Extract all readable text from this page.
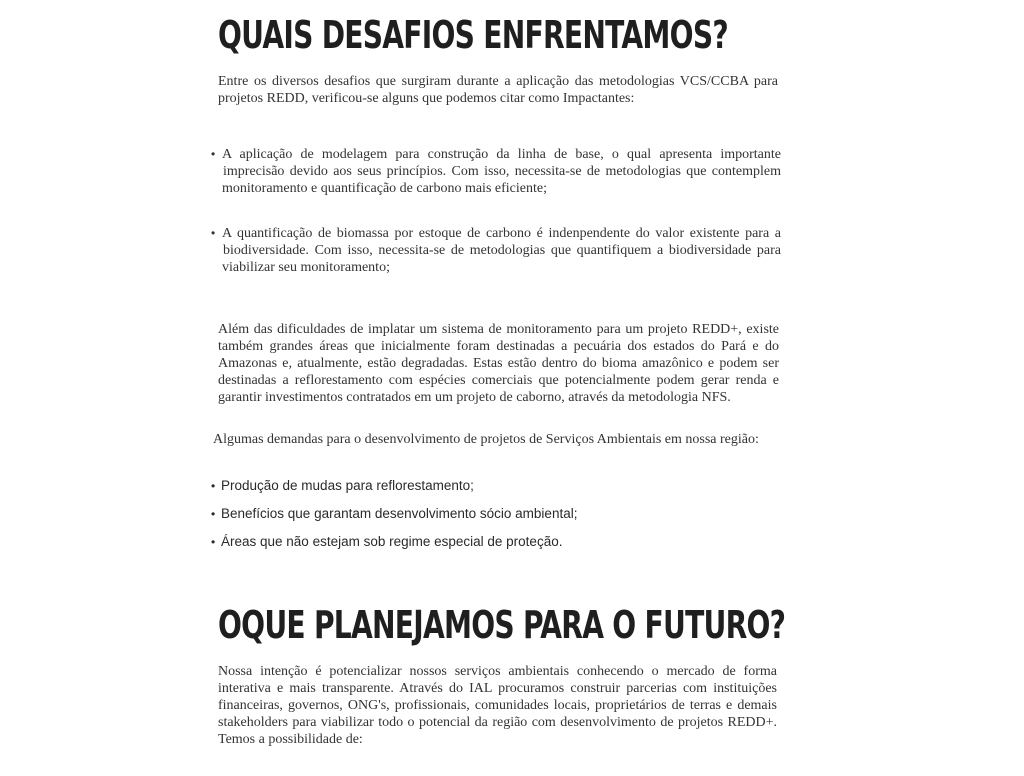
QUAIS DESAFIOS ENFRENTAMOS?

Entre os diversos desafios que surgiram durante a aplicação das metodologias VCS/CCBA para projetos REDD, verificou-se alguns que podemos citar como Impactantes:

• A aplicação de modelagem para construção da linha de base, o qual apresenta importante
imprecisão devido aos seus princípios. Com isso, necessita-se de metodologias que contemplem
monitoramento e quantificação de carbono mais eficiente;
• A quantificação de biomassa por estoque de carbono é indenpendente do valor existente para a
biodiversidade. Com isso, necessita-se de metodologias que quantifiquem a biodiversidade para
viabilizar seu monitoramento;

Além das dificuldades de implatar um sistema de monitoramento para um projeto REDD+, existe também grandes áreas que inicialmente foram destinadas a pecuária dos estados do Pará e do Amazonas e, atualmente, estão degradadas. Estas estão dentro do bioma amazônico e podem ser destinadas a reflorestamento com espécies comerciais que potencialmente podem gerar renda e garantir investimentos contratados em um projeto de caborno, através da metodologia NFS.

Algumas demandas para o desenvolvimento de projetos de Serviços Ambientais em nossa região:

• Produção de mudas para reflorestamento;
• Benefícios que garantam desenvolvimento sócio ambiental;
• Áreas que não estejam sob regime especial de proteção.
OQUE PLANEJAMOS PARA O FUTURO?

Nossa intenção é potencializar nossos serviços ambientais conhecendo o mercado de forma interativa e mais transparente. Através do IAL procuramos construir parcerias com instituições financeiras, governos, ONG's, profissionais, comunidades locais, proprietários de terras e demais stakeholders para viabilizar todo o potencial da região com desenvolvimento de projetos REDD+. Temos a possibilidade de:
